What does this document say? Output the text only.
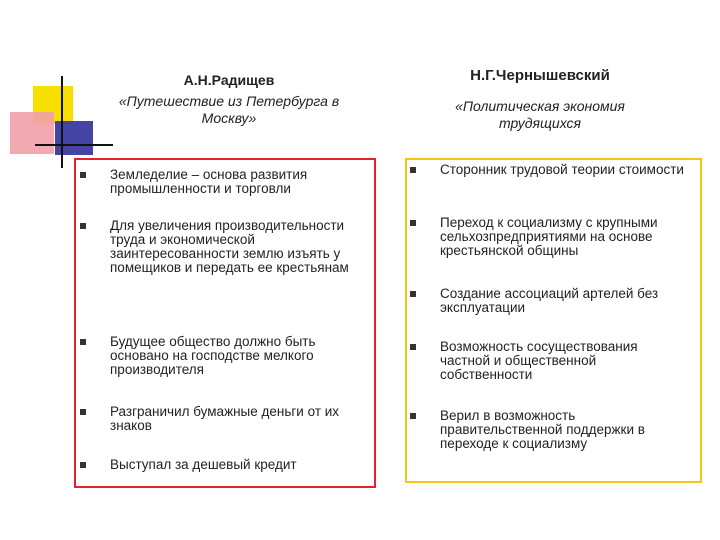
А.Н.Радищев
«Путешествие из Петербурга в Москву»
Н.Г.Чернышевский
«Политическая экономия трудящихся
Земледелие – основа развития промышленности и торговли
Для увеличения производительности труда и экономической заинтересованности землю изъять у помещиков и передать ее крестьянам
Будущее общество должно быть основано на господстве мелкого производителя
Разграничил бумажные деньги от их знаков
Выступал за дешевый кредит
Сторонник трудовой теории стоимости
Переход к социализму с крупными сельхозпредприятиями на основе крестьянской общины
Создание ассоциаций артелей без эксплуатации
Возможность сосуществования частной и общественной собственности
Верил в возможность правительственной поддержки в переходе к социализму
